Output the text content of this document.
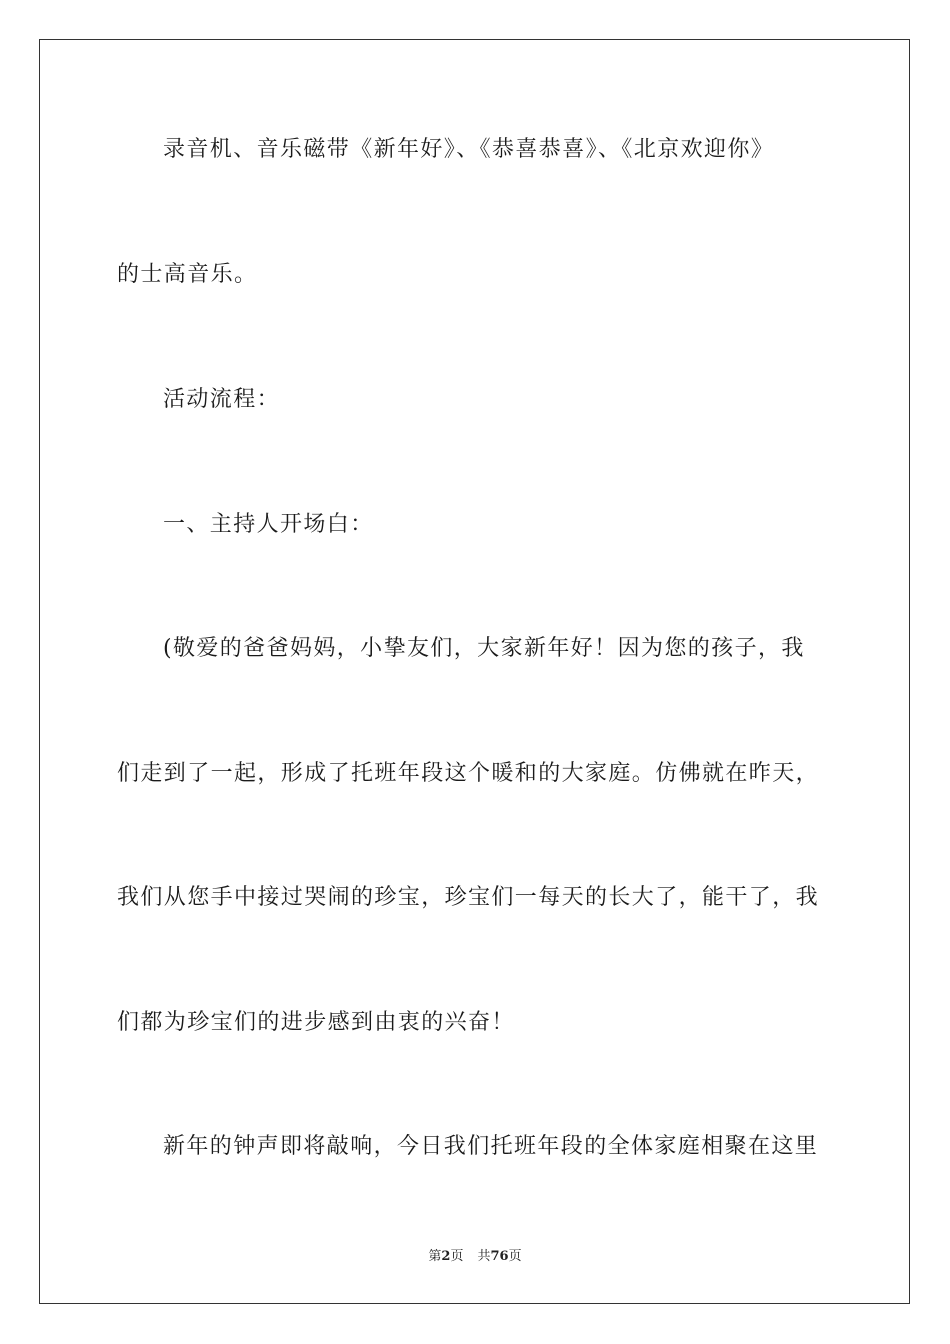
录音机、音乐磁带《新年好》、《恭喜恭喜》、《北京欢迎你》
的士高音乐。
活动流程：
一、主持人开场白：
(敬爱的爸爸妈妈，小挚友们，大家新年好！因为您的孩子，我
们走到了一起，形成了托班年段这个暖和的大家庭。仿佛就在昨天，
我们从您手中接过哭闹的珍宝，珍宝们一每天的长大了，能干了，我
们都为珍宝们的进步感到由衷的兴奋！
新年的钟声即将敲响，今日我们托班年段的全体家庭相聚在这里
第2页 共76页
